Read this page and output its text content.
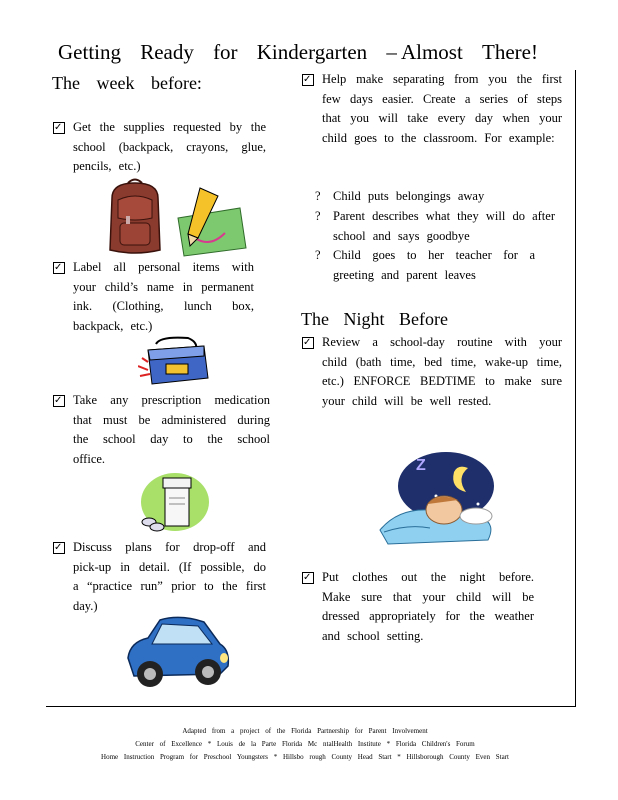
Getting Ready for Kindergarten – Almost There!
The week before:
✓ Get the supplies requested by the school (backpack, crayons, glue, pencils, etc.)
✓ Label all personal items with your child’s name in permanent ink. (Clothing, lunch box, backpack, etc.)
✓ Take any prescription medication that must be administered during the school day to the school office.
✓ Discuss plans for drop-off and pick-up in detail. (If possible, do a “practice run” prior to the first day.)
✓ Help make separating from you the first few days easier. Create a series of steps that you will take every day when your child goes to the classroom. For example:
? Child puts belongings away
? Parent describes what they will do after school and says goodbye
? Child goes to her teacher for a greeting and parent leaves
The Night Before
✓ Review a school-day routine with your child (bath time, bed time, wake-up time, etc.) ENFORCE BEDTIME to make sure your child will be well rested.
Z
✓ Put clothes out the night before. Make sure that your child will be dressed appropriately for the weather and school setting.
Adapted from a project of the Florida Partnership for Parent Involvement
Center of Excellence * Louis de la Parte Florida Mc ntalHealth Institute * Florida Children's Forum
Home Instruction Program for Preschool Youngsters * Hillsbo rough County Head Start * Hillsborough County Even Start
